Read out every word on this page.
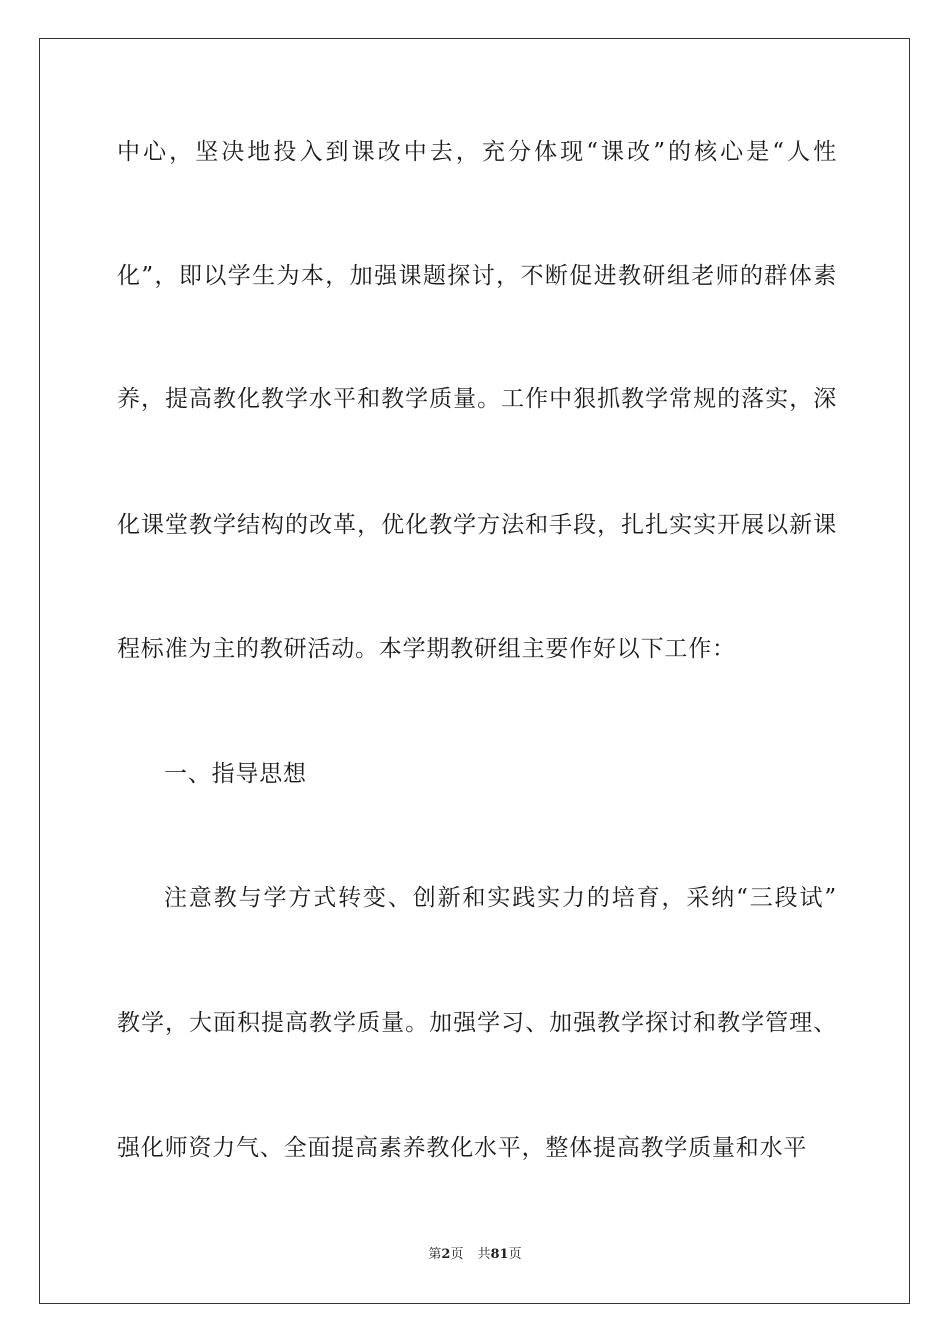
中心，坚决地投入到课改中去，充分体现“课改”的核心是“人性
化”，即以学生为本，加强课题探讨，不断促进教研组老师的群体素
养，提高教化教学水平和教学质量。工作中狠抓教学常规的落实，深
化课堂教学结构的改革，优化教学方法和手段，扎扎实实开展以新课
程标准为主的教研活动。本学期教研组主要作好以下工作：
一、指导思想
注意教与学方式转变、创新和实践实力的培育，采纳“三段试”
教学，大面积提高教学质量。加强学习、加强教学探讨和教学管理、
强化师资力气、全面提高素养教化水平，整体提高教学质量和水平
第2页 共81页
